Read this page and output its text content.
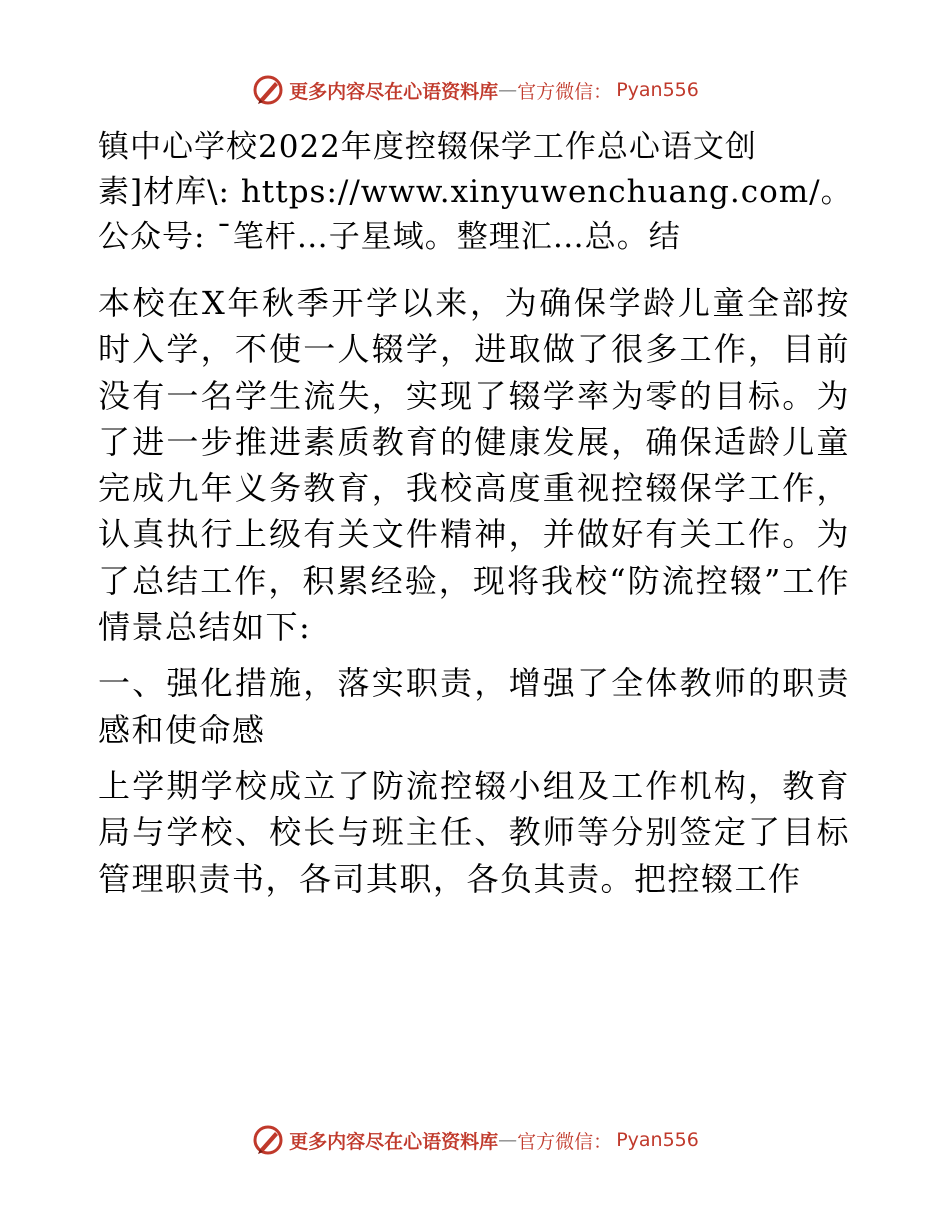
更多内容尽在心语资料库 — 官方微信： Pyan556

镇中心学校2022年度控辍保学工作总心语文创

素]材库\: https://www.xinyuwenchuang.com/。

公众号: ¯笔杆…子星域。整理汇…总。结

本校在X年秋季开学以来，为确保学龄儿童全部按时入学，不使一人辍学，进取做了很多工作，目前没有一名学生流失，实现了辍学率为零的目标。为了进一步推进素质教育的健康发展，确保适龄儿童完成九年义务教育，我校高度重视控辍保学工作，认真执行上级有关文件精神，并做好有关工作。为了总结工作，积累经验，现将我校“防流控辍”工作情景总结如下:

一、强化措施，落实职责，增强了全体教师的职责感和使命感

上学期学校成立了防流控辍小组及工作机构，教育局与学校、校长与班主任、教师等分别签定了目标管理职责书，各司其职，各负其责。把控辍工作

更多内容尽在心语资料库 — 官方微信： Pyan556
